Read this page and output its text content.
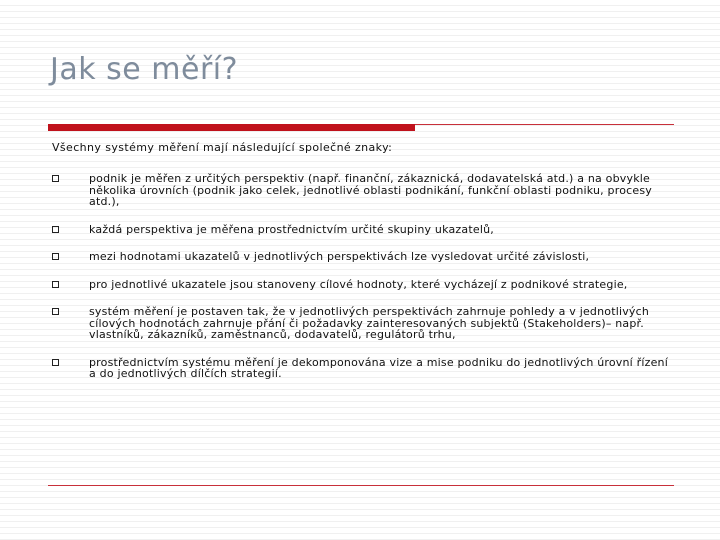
Jak se měří?
Všechny systémy měření mají následující společné znaky:
podnik je měřen z určitých perspektiv (např. finanční, zákaznická, dodavatelská atd.) a na obvykle několika úrovních (podnik jako celek, jednotlivé oblasti podnikání, funkční oblasti podniku, procesy atd.),
každá perspektiva je měřena prostřednictvím určité skupiny ukazatelů,
mezi hodnotami ukazatelů v jednotlivých perspektivách lze vysledovat určité závislosti,
pro jednotlivé ukazatele jsou stanoveny cílové hodnoty, které vycházejí z podnikové strategie,
systém měření je postaven tak, že v jednotlivých perspektivách zahrnuje pohledy a v jednotlivých cílových hodnotách zahrnuje přání či požadavky zainteresovaných subjektů (Stakeholders)– např. vlastníků, zákazníků, zaměstnanců, dodavatelů, regulátorů trhu,
prostřednictvím systému měření je dekomponována vize a mise podniku do jednotlivých úrovní řízení a do jednotlivých dílčích strategií.
